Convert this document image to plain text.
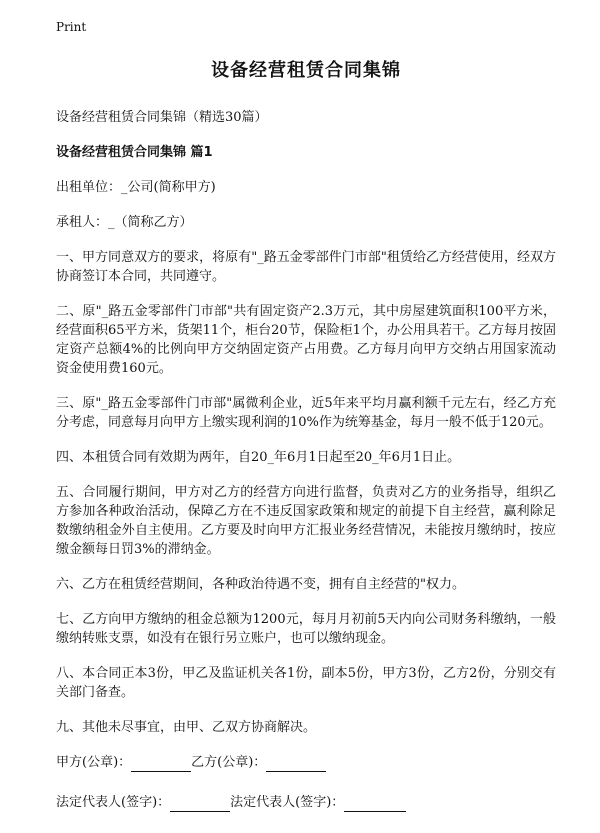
Print
设备经营租赁合同集锦
设备经营租赁合同集锦（精选30篇）
设备经营租赁合同集锦 篇1
出租单位：_公司(简称甲方)
承租人：_（简称乙方）
一、甲方同意双方的要求，将原有"_路五金零部件门市部"租赁给乙方经营使用，经双方协商签订本合同，共同遵守。
二、原"_路五金零部件门市部"共有固定资产2.3万元，其中房屋建筑面积100平方米，经营面积65平方米，货架11个，柜台20节，保险柜1个，办公用具若干。乙方每月按固定资产总额4%的比例向甲方交纳固定资产占用费。乙方每月向甲方交纳占用国家流动资金使用费160元。
三、原"_路五金零部件门市部"属微利企业，近5年来平均月赢利额千元左右，经乙方充分考虑，同意每月向甲方上缴实现利润的10%作为统筹基金，每月一般不低于120元。
四、本租赁合同有效期为两年，自20_年6月1日起至20_年6月1日止。
五、合同履行期间，甲方对乙方的经营方向进行监督，负责对乙方的业务指导，组织乙方参加各种政治活动，保障乙方在不违反国家政策和规定的前提下自主经营，赢利除足数缴纳租金外自主使用。乙方要及时向甲方汇报业务经营情况，未能按月缴纳时，按应缴金额每日罚3%的滞纳金。
六、乙方在租赁经营期间，各种政治待遇不变，拥有自主经营的"权力。
七、乙方向甲方缴纳的租金总额为1200元，每月月初前5天内向公司财务科缴纳，一般缴纳转账支票，如没有在银行另立账户，也可以缴纳现金。
八、本合同正本3份，甲乙及监证机关各1份，副本5份，甲方3份，乙方2份，分别交有关部门备查。
九、其他未尽事宜，由甲、乙双方协商解决。
甲方(公章)：	乙方(公章)：
法定代表人(签字)：	法定代表人(签字)：
